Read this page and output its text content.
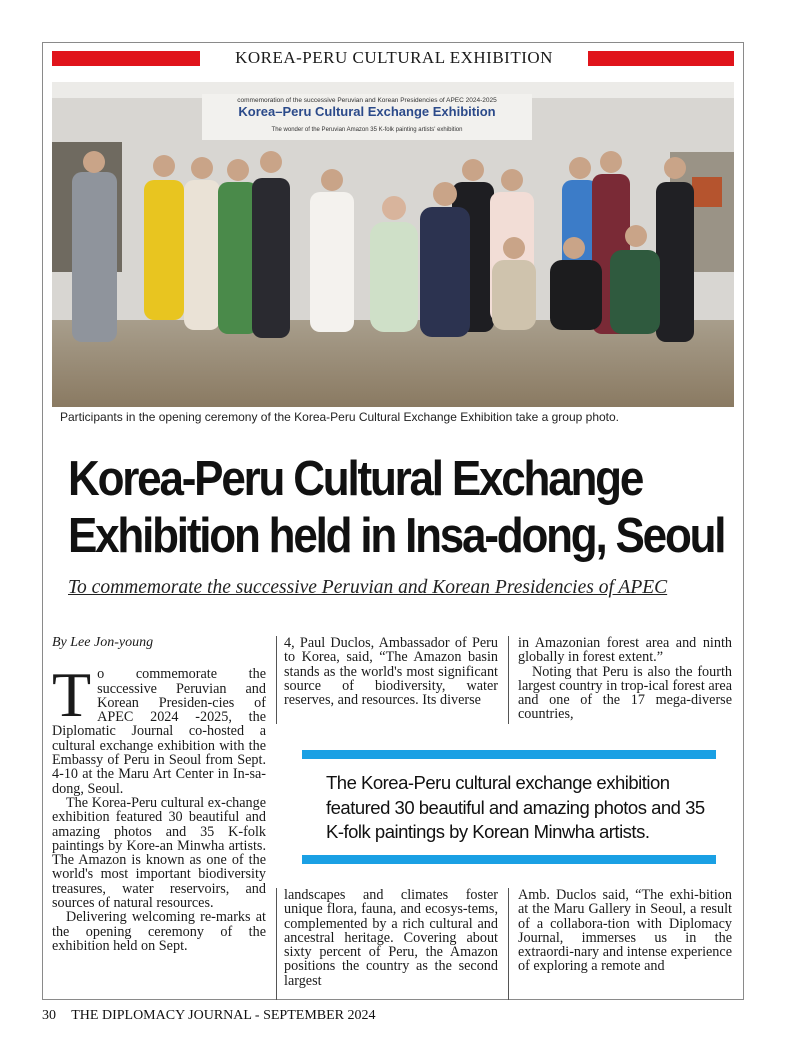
KOREA-PERU CULTURAL EXHIBITION
commemoration of the successive Peruvian and Korean Presidencies of APEC 2024-2025
Korea–Peru Cultural Exchange Exhibition
The wonder of the Peruvian Amazon 35 K-folk painting artists' exhibition
Participants in the opening ceremony of the Korea-Peru Cultural Exchange Exhibition take a group photo.
Korea-Peru Cultural Exchange
Exhibition held in Insa-dong, Seoul
To commemorate the successive Peruvian and Korean Presidencies of APEC
By Lee Jon-young

To commemorate the successive Peruvian and Korean Presiden-cies of APEC 2024 -2025, the Diplomatic Journal co-hosted a cultural exchange exhibition with the Embassy of Peru in Seoul from Sept. 4-10 at the Maru Art Center in In-sa-dong, Seoul.

The Korea-Peru cultural ex-change exhibition featured 30 beautiful and amazing photos and 35 K-folk paintings by Kore-an Minwha artists. The Amazon is known as one of the world's most important biodiversity treasures, water reservoirs, and sources of natural resources.

Delivering welcoming re-marks at the opening ceremony of the exhibition held on Sept.

4, Paul Duclos, Ambassador of Peru to Korea, said, “The Amazon basin stands as the world's most significant source of biodiversity, water reserves, and resources. Its diverse

in Amazonian forest area and ninth globally in forest extent.”

Noting that Peru is also the fourth largest country in trop-ical forest area and one of the 17 mega-diverse countries,

The Korea-Peru cultural exchange exhibition featured 30 beautiful and amazing photos and 35 K-folk paintings by Korean Minwha artists.

landscapes and climates foster unique flora, fauna, and ecosys-tems, complemented by a rich cultural and ancestral heritage. Covering about sixty percent of Peru, the Amazon positions the country as the second largest

Amb. Duclos said, “The exhi-bition at the Maru Gallery in Seoul, a result of a collabora-tion with Diplomacy Journal, immerses us in the extraordi-nary and intense experience of exploring a remote and

30 THE DIPLOMACY JOURNAL - SEPTEMBER 2024
